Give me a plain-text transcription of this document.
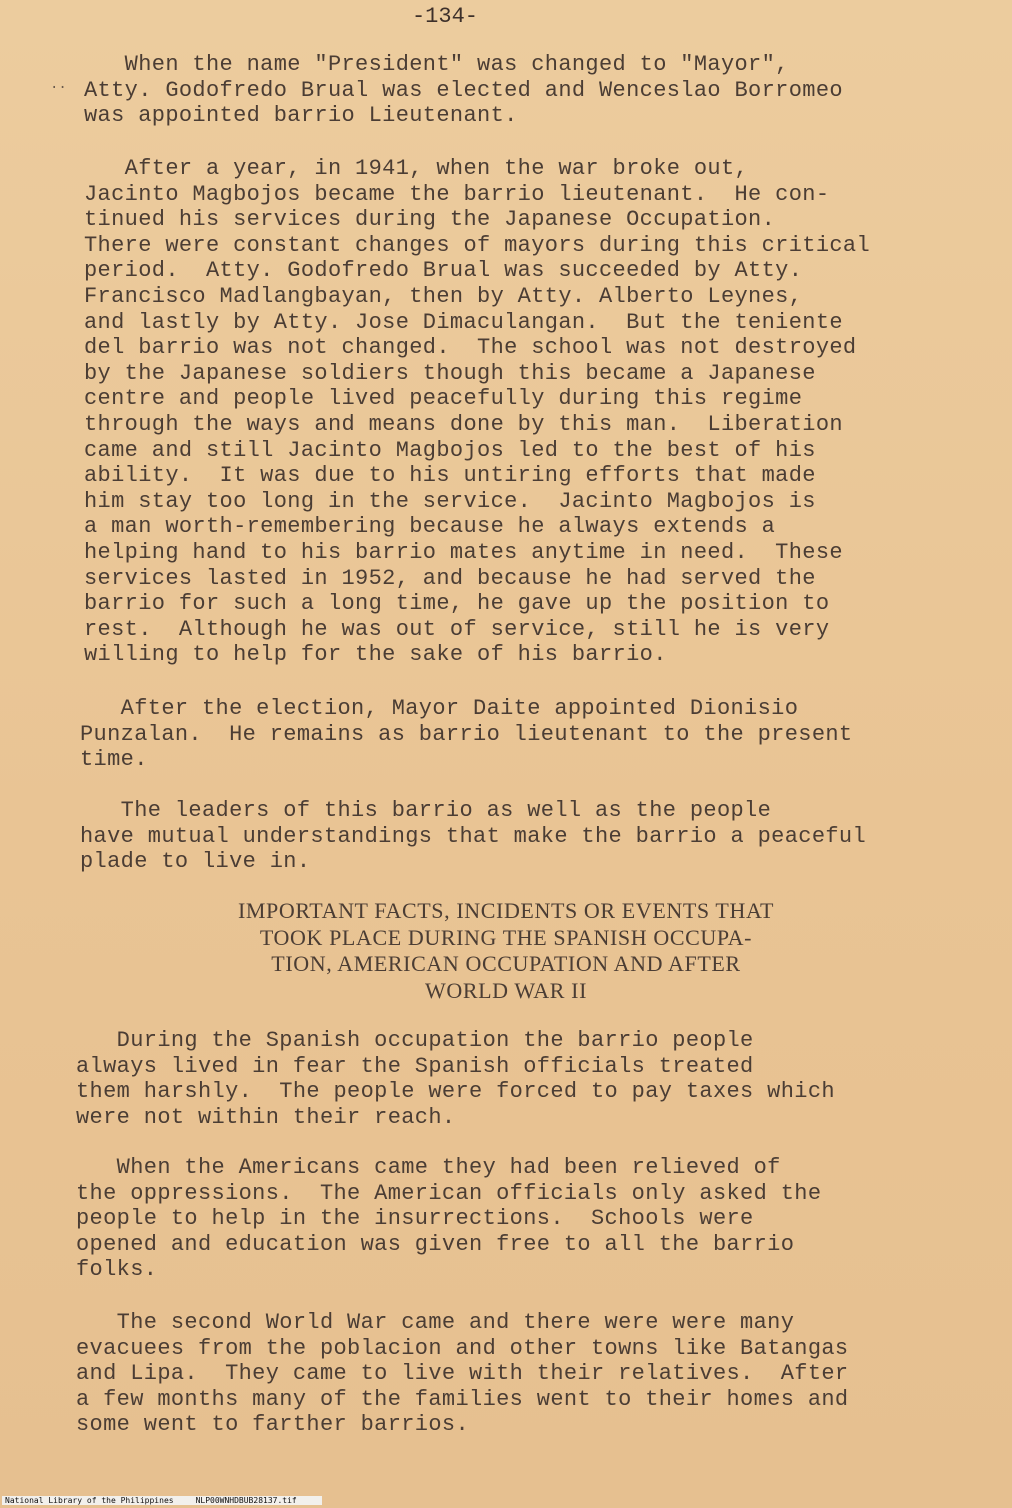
-134-
··

When the name "President" was changed to "Mayor",
Atty. Godofredo Brual was elected and Wenceslao Borromeo
was appointed barrio Lieutenant.

After a year, in 1941, when the war broke out,
Jacinto Magbojos became the barrio lieutenant.  He con-
tinued his services during the Japanese Occupation.
There were constant changes of mayors during this critical
period.  Atty. Godofredo Brual was succeeded by Atty.
Francisco Madlangbayan, then by Atty. Alberto Leynes,
and lastly by Atty. Jose Dimaculangan.  But the teniente
del barrio was not changed.  The school was not destroyed
by the Japanese soldiers though this became a Japanese
centre and people lived peacefully during this regime
through the ways and means done by this man.  Liberation
came and still Jacinto Magbojos led to the best of his
ability.  It was due to his untiring efforts that made
him stay too long in the service.  Jacinto Magbojos is
a man worth-remembering because he always extends a
helping hand to his barrio mates anytime in need.  These
services lasted in 1952, and because he had served the
barrio for such a long time, he gave up the position to
rest.  Although he was out of service, still he is very
willing to help for the sake of his barrio.

After the election, Mayor Daite appointed Dionisio
Punzalan.  He remains as barrio lieutenant to the present
time.

The leaders of this barrio as well as the people
have mutual understandings that make the barrio a peaceful
plade to live in.

IMPORTANT FACTS, INCIDENTS OR EVENTS THAT
TOOK PLACE DURING THE SPANISH OCCUPA-
TION, AMERICAN OCCUPATION AND AFTER
WORLD WAR II

During the Spanish occupation the barrio people
always lived in fear the Spanish officials treated
them harshly.  The people were forced to pay taxes which
were not within their reach.

When the Americans came they had been relieved of
the oppressions.  The American officials only asked the
people to help in the insurrections.  Schools were
opened and education was given free to all the barrio
folks.

The second World War came and there were were many
evacuees from the poblacion and other towns like Batangas
and Lipa.  They came to live with their relatives.  After
a few months many of the families went to their homes and
some went to farther barrios.

National Library of the Philippines	NLP00WNHDBUB28137.tif
